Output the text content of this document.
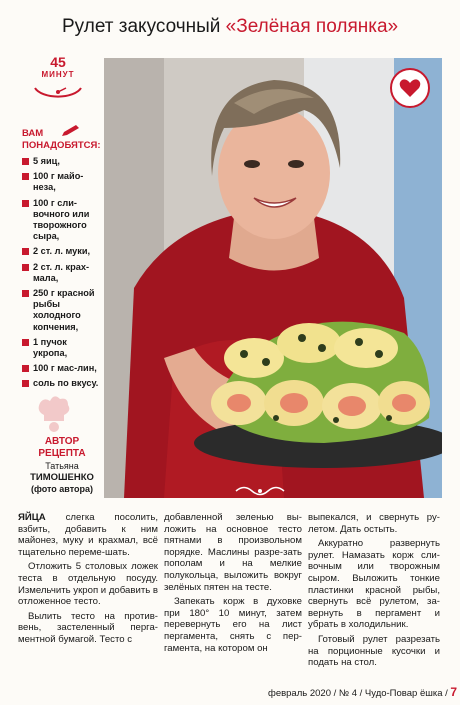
Рулет закусочный «Зелёная полянка»
45
МИНУТ
ВАМ
ПОНАДОБЯТСЯ:
5 яиц,
100 г майо-неза,
100 г сли-вочного или творожного сыра,
2 ст. л. муки,
2 ст. л. крах-мала,
250 г красной рыбы холодного копчения,
1 пучок укропа,
100 г мас-лин,
соль по вкусу.
АВТОР
РЕЦЕПТА
Татьяна
ТИМОШЕНКО
(фото автора)

ЯЙЦА слегка посолить, взбить, добавить к ним майонез, муку и крахмал, всё тщательно переме-шать.

Отложить 5 столовых ложек теста в отдельную посуду. Измельчить укроп и добавить в отложенное тесто.

Вылить тесто на против-вень, застеленный перга-ментной бумагой. Тесто с

добавленной зеленью вы-ложить на основное тесто пятнами в произвольном порядке. Маслины разре-зать пополам и на мелкие полукольца, выложить вокруг зелёных пятен на тесте.

Запекать корж в духовке при 180° 10 минут, затем перевернуть его на лист пергамента, снять с пер-гамента, на котором он

выпекался, и свернуть ру-летом. Дать остыть.

Аккуратно развернуть рулет. Намазать корж сли-вочным или творожным сыром. Выложить тонкие пластинки красной рыбы, свернуть всё рулетом, за-вернуть в пергамент и убрать в холодильник.

Готовый рулет разрезать на порционные кусочки и подать на стол.

февраль 2020 / № 4 / Чудо-Повар ёшка / 7
